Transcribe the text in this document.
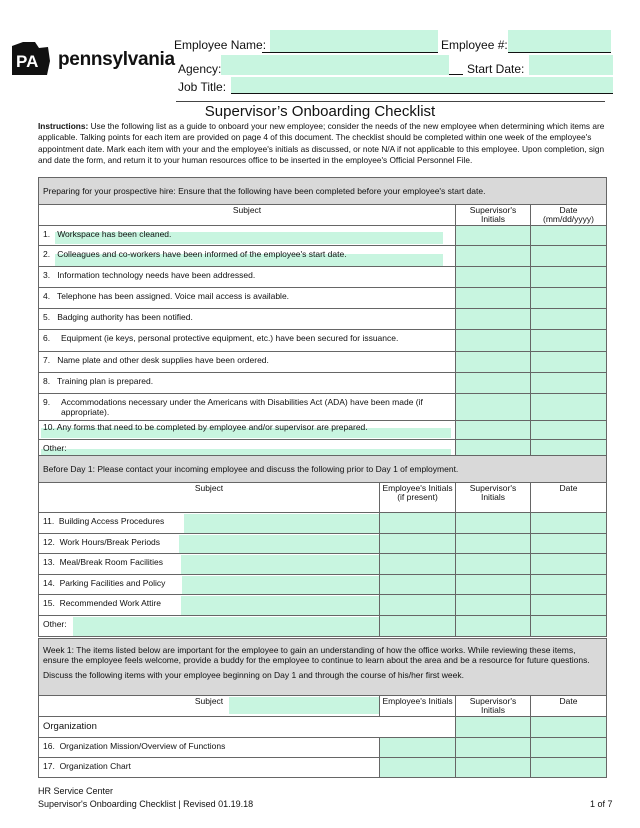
PA pennsylvania
Employee Name:	Employee #:
Agency:	Start Date:
Job Title:
Supervisor’s Onboarding Checklist
Instructions: Use the following list as a guide to onboard your new employee; consider the needs of the new employee when determining which items are applicable. Talking points for each item are provided on page 4 of this document. The checklist should be completed within one week of the employee's appointment date. Mark each item with your and the employee's initials as discussed, or note N/A if not applicable to this employee. Upon completion, sign and date the form, and return it to your human resources office to be inserted in the employee's Official Personnel File.
Preparing for your prospective hire: Ensure that the following have been completed before your employee's start date.		

Subject	Supervisor's Initials	Date (mm/dd/yyyy)

1. Workspace has been cleaned.		

2. Colleagues and co-workers have been informed of the employee's start date.		

3. Information technology needs have been addressed.		

4. Telephone has been assigned. Voice mail access is available.		

5. Badging authority has been notified.		

6. Equipment (ie keys, personal protective equipment, etc.) have been secured for issuance.		

7. Name plate and other desk supplies have been ordered.		

8. Training plan is prepared.		

9. Accommodations necessary under the Americans with Disabilities Act (ADA) have been made (if appropriate).		

10. Any forms that need to be completed by employee and/or supervisor are prepared.		

Other:		

Before Day 1: Please contact your incoming employee and discuss the following prior to Day 1 of employment.			

Subject	Employee's Initials (if present)	Supervisor's Initials	Date

11. Building Access Procedures			

12. Work Hours/Break Periods			

13. Meal/Break Room Facilities			

14. Parking Facilities and Policy			

15. Recommended Work Attire			

Other:			

Week 1: The items listed below are important for the employee to gain an understanding of how the office works. While reviewing these items, ensure the employee feels welcome, provide a buddy for the employee to continue to learn about the area and be a resource for future questions.
Discuss the following items with your employee beginning on Day 1 and through the course of his/her first week.			

Subject	Employee's Initials	Supervisor's Initials	Date

Organization			

16. Organization Mission/Overview of Functions			

17. Organization Chart			

HR Service Center
Supervisor's Onboarding Checklist | Revised 01.19.18	1 of 7
